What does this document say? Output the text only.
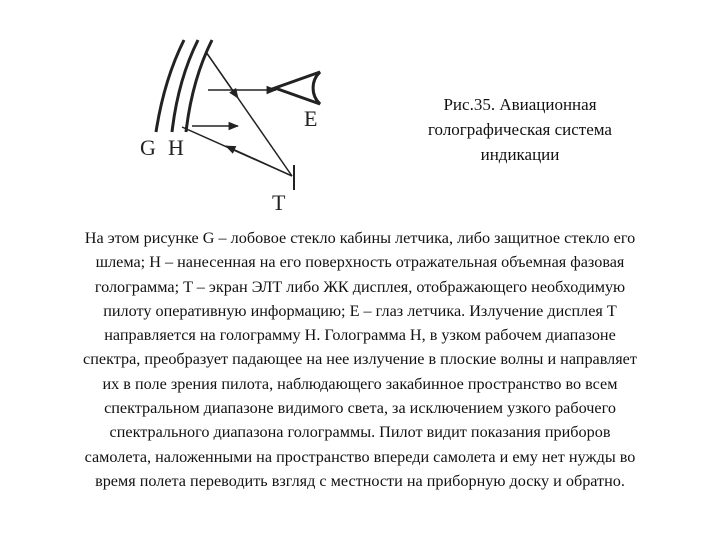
G H
E
T
Рис.35. Авиационная
голографическая система
индикации
На этом рисунке G – лобовое стекло кабины летчика, либо защитное стекло его
шлема; H – нанесенная на его поверхность отражательная объемная фазовая
голограмма; T – экран ЭЛТ либо ЖК дисплея, отображающего необходимую
пилоту оперативную информацию; E – глаз летчика. Излучение дисплея T
направляется на голограмму H. Голограмма H, в узком рабочем диапазоне
спектра, преобразует падающее на нее излучение в плоские волны и направляет
их в поле зрения пилота, наблюдающего закабинное пространство во всем
спектральном диапазоне видимого света, за исключением узкого рабочего
спектрального диапазона голограммы. Пилот видит показания приборов
самолета, наложенными на пространство впереди самолета и ему нет нужды во
время полета переводить взгляд с местности на приборную доску и обратно.
